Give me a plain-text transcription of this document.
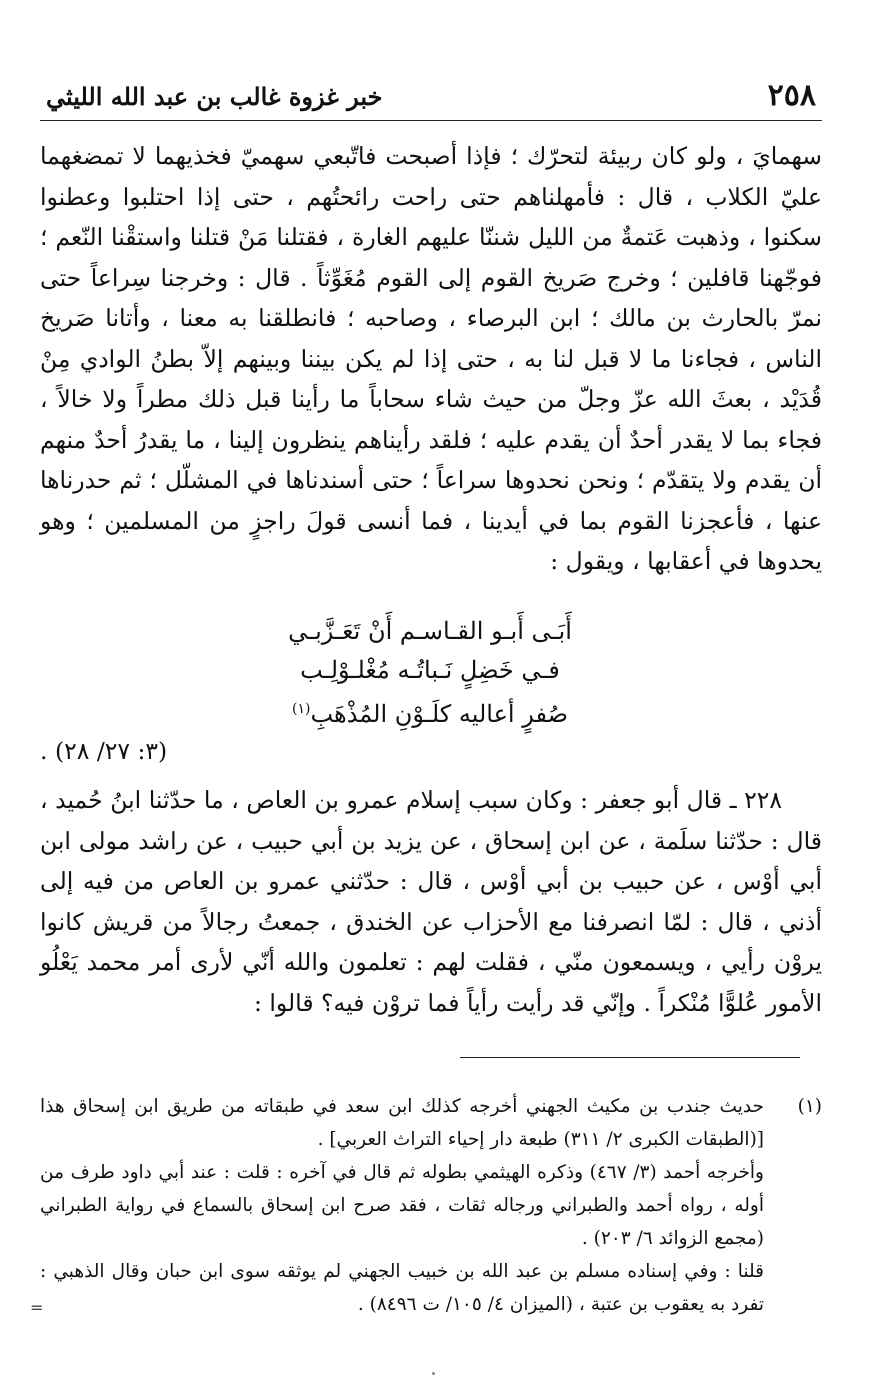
٢٥٨
خبر غزوة غالب بن عبد الله الليثي

سهمايَ ، ولو كان ربيئة لتحرّك ؛ فإذا أصبحت فاتّبعي سهميّ فخذيهما لا تمضغهما عليّ الكلاب ، قال : فأمهلناهم حتى راحت رائحتُهم ، حتى إذا احتلبوا وعطنوا سكنوا ، وذهبت عَتمةٌ من الليل شننّا عليهم الغارة ، فقتلنا مَنْ قتلنا واستقْنا النّعم ؛ فوجّهنا قافلين ؛ وخرج صَريخ القوم إلى القوم مُغَوِّثاً . قال : وخرجنا سِراعاً حتى نمرّ بالحارث بن مالك ؛ ابن البرصاء ، وصاحبه ؛ فانطلقنا به معنا ، وأتانا صَريخ الناس ، فجاءنا ما لا قبل لنا به ، حتى إذا لم يكن بيننا وبينهم إلاّ بطنُ الوادي مِنْ قُدَيْد ، بعثَ الله عزّ وجلّ من حيث شاء سحاباً ما رأينا قبل ذلك مطراً ولا خالاً ، فجاء بما لا يقدر أحدٌ أن يقدم عليه ؛ فلقد رأيناهم ينظرون إلينا ، ما يقدرُ أحدٌ منهم أن يقدم ولا يتقدّم ؛ ونحن نحدوها سراعاً ؛ حتى أسندناها في المشلّل ؛ ثم حدرناها عنها ، فأعجزنا القوم بما في أيدينا ، فما أنسى قولَ راجزٍ من المسلمين ؛ وهو يحدوها في أعقابها ، ويقول :

أَبَـى أَبـو القـاسـم أَنْ تَعَـزَّبـي
فـي خَضِلٍ نَـباتُـه مُغْلـوْلِـب
صُفرٍ أعاليه كلَـوْنِ المُذْهَبِ$^{(١)}$
(٣: ٢٧/ ٢٨) .
٢٢٨ ـ قال أبو جعفر : وكان سبب إسلام عمرو بن العاص ، ما حدّثنا ابنُ حُميد ، قال : حدّثنا سلَمة ، عن ابن إسحاق ، عن يزيد بن أبي حبيب ، عن راشد مولى ابن أبي أوْس ، عن حبيب بن أبي أوْس ، قال : حدّثني عمرو بن العاص من فيه إلى أذني ، قال : لمّا انصرفنا مع الأحزاب عن الخندق ، جمعتُ رجالاً من قريش كانوا يروْن رأيي ، ويسمعون منّي ، فقلت لهم : تعلمون والله أنّي لأرى أمر محمد يَعْلُو الأمور عُلوًّا مُنْكراً . وإنّي قد رأيت رأياً فما تروْن فيه؟ قالوا :
(١)

حديث جندب بن مكيث الجهني أخرجه كذلك ابن سعد في طبقاته من طريق ابن إسحاق هذا [(الطبقات الكبرى ٢/ ٣١١) طبعة دار إحياء التراث العربي] .

وأخرجه أحمد (٣/ ٤٦٧) وذكره الهيثمي بطوله ثم قال في آخره : قلت : عند أبي داود طرف من أوله ، رواه أحمد والطبراني ورجاله ثقات ، فقد صرح ابن إسحاق بالسماع في رواية الطبراني (مجمع الزوائد ٦/ ٢٠٣) .

قلنا : وفي إسناده مسلم بن عبد الله بن خبيب الجهني لم يوثقه سوى ابن حبان وقال الذهبي : تفرد به يعقوب بن عتبة ، (الميزان ٤/ ١٠٥/ ت ٨٤٩٦) .

=
